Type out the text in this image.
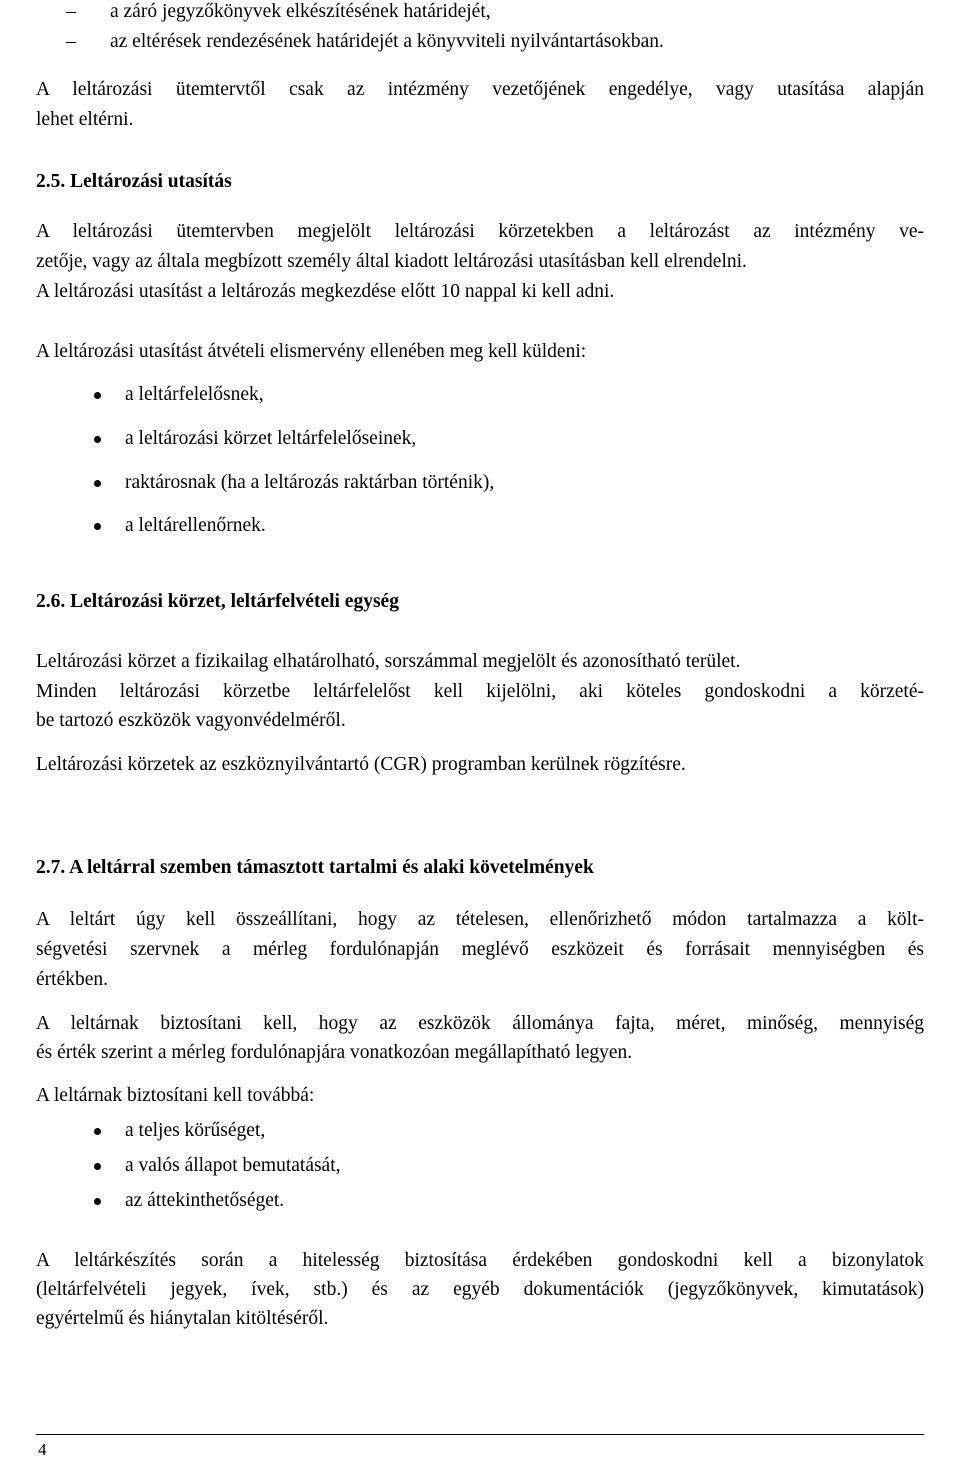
– a záró jegyzőkönyvek elkészítésének határidejét,
– az eltérések rendezésének határidejét a könyvviteli nyilvántartásokban.
A leltározási ütemtervtől csak az intézmény vezetőjének engedélye, vagy utasítása alapján
lehet eltérni.
2.5. Leltározási utasítás
A leltározási ütemtervben megjelölt leltározási körzetekben a leltározást az intézmény ve-
zetője, vagy az általa megbízott személy által kiadott leltározási utasításban kell elrendelni.
A leltározási utasítást a leltározás megkezdése előtt 10 nappal ki kell adni.
A leltározási utasítást átvételi elismervény ellenében meg kell küldeni:
a leltárfelelősnek,
a leltározási körzet leltárfelelőseinek,
raktárosnak (ha a leltározás raktárban történik),
a leltárellenőrnek.
2.6. Leltározási körzet, leltárfelvételi egység
Leltározási körzet a fizikailag elhatárolható, sorszámmal megjelölt és azonosítható terület.
Minden leltározási körzetbe leltárfelelőst kell kijelölni, aki köteles gondoskodni a körzeté-
be tartozó eszközök vagyonvédelméről.
Leltározási körzetek az eszköznyilvántartó (CGR) programban kerülnek rögzítésre.
2.7. A leltárral szemben támasztott tartalmi és alaki követelmények
A leltárt úgy kell összeállítani, hogy az tételesen, ellenőrizhető módon tartalmazza a költ-
ségvetési szervnek a mérleg fordulónapján meglévő eszközeit és forrásait mennyiségben és
értékben.
A leltárnak biztosítani kell, hogy az eszközök állománya fajta, méret, minőség, mennyiség
és érték szerint a mérleg fordulónapjára vonatkozóan megállapítható legyen.
A leltárnak biztosítani kell továbbá:
a teljes körűséget,
a valós állapot bemutatását,
az áttekinthetőséget.
A leltárkészítés során a hitelesség biztosítása érdekében gondoskodni kell a bizonylatok
(leltárfelvételi jegyek, ívek, stb.) és az egyéb dokumentációk (jegyzőkönyvek, kimutatások)
egyértelmű és hiánytalan kitöltéséről.
4
